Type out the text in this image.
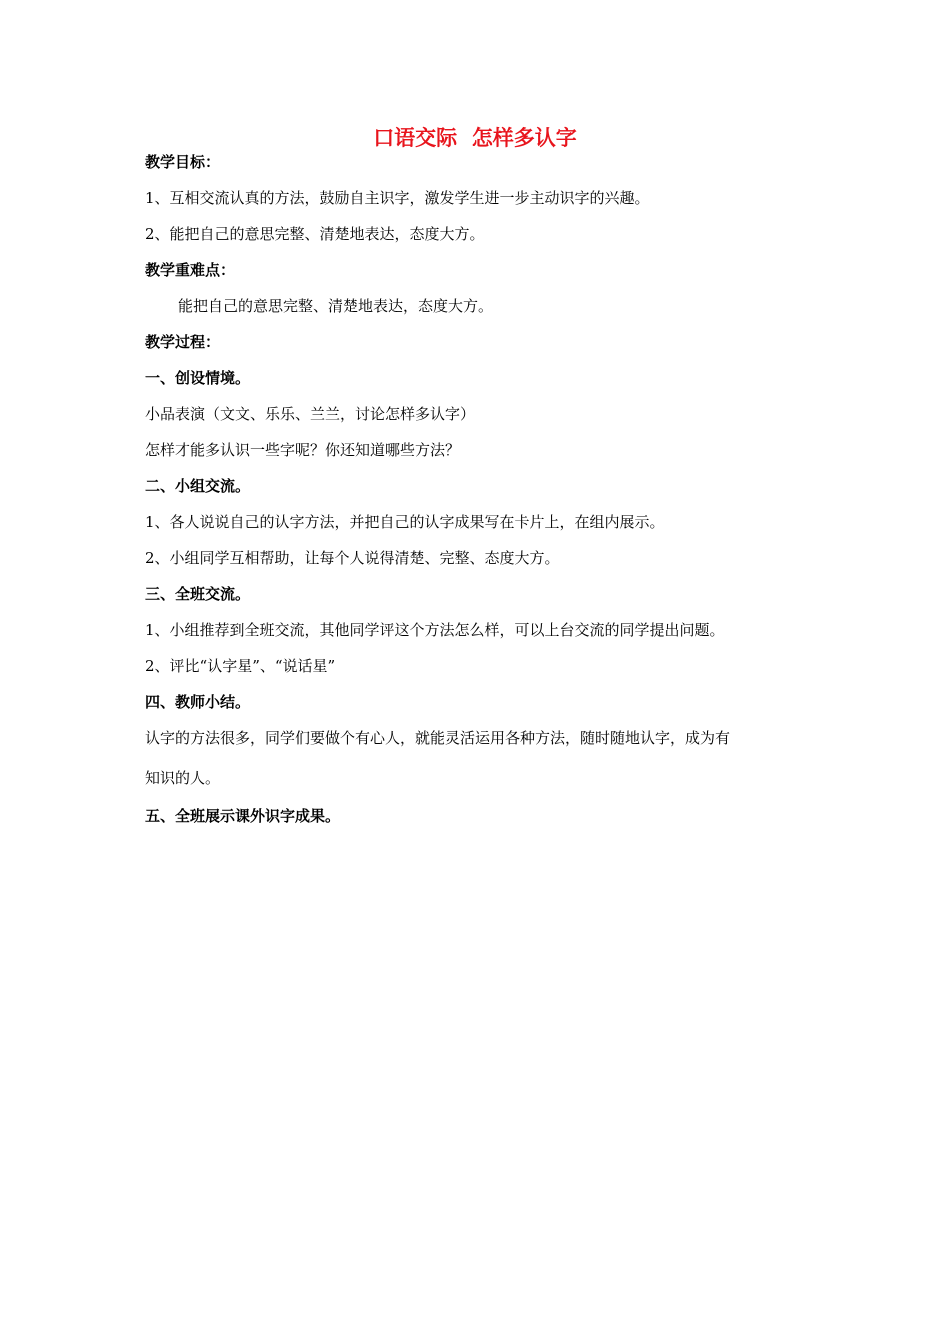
口语交际  怎样多认字
教学目标：
1、互相交流认真的方法，鼓励自主识字，激发学生进一步主动识字的兴趣。
2、能把自己的意思完整、清楚地表达，态度大方。
教学重难点：
能把自己的意思完整、清楚地表达，态度大方。
教学过程：
一、创设情境。
小品表演（文文、乐乐、兰兰，讨论怎样多认字）
怎样才能多认识一些字呢？你还知道哪些方法？
二、小组交流。
1、各人说说自己的认字方法，并把自己的认字成果写在卡片上，在组内展示。
2、小组同学互相帮助，让每个人说得清楚、完整、态度大方。
三、全班交流。
1、小组推荐到全班交流，其他同学评这个方法怎么样，可以上台交流的同学提出问题。
2、评比“认字星”、“说话星”
四、教师小结。
认字的方法很多，同学们要做个有心人，就能灵活运用各种方法，随时随地认字，成为有
知识的人。
五、全班展示课外识字成果。
